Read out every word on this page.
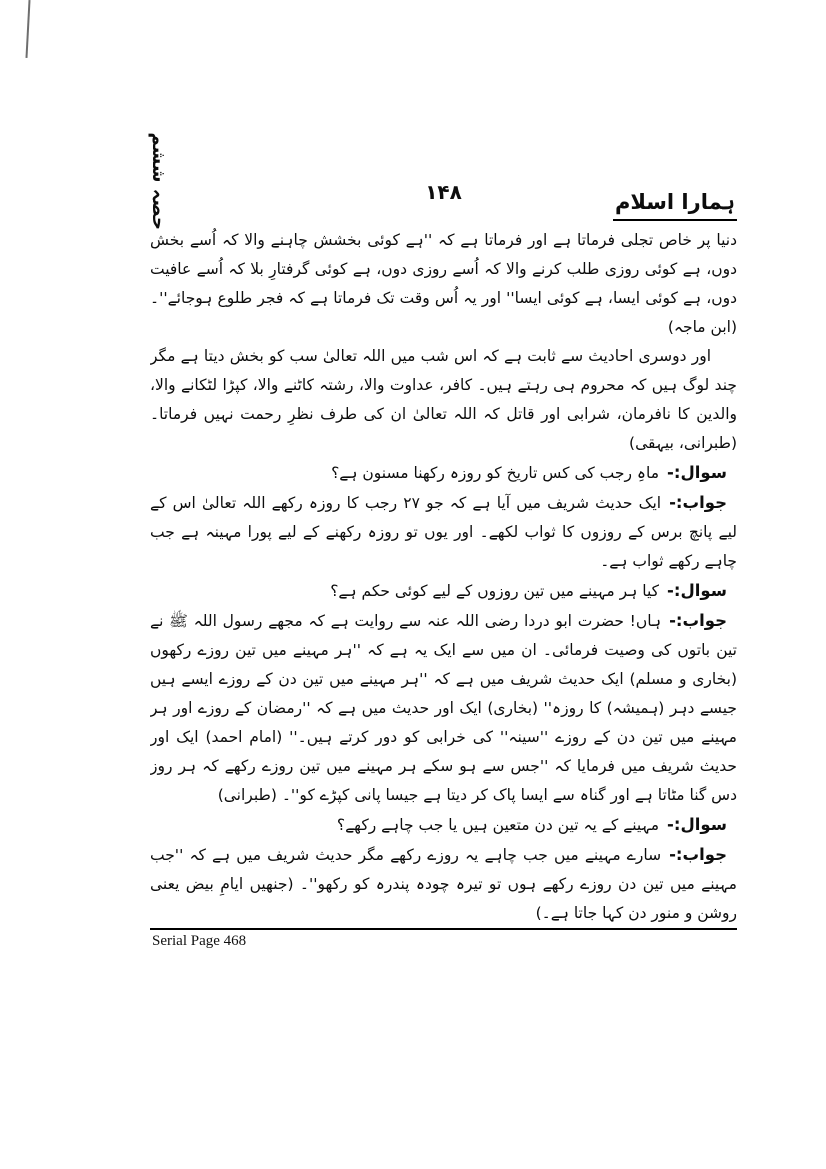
ہمارا اسلام
۱۴۸
حصہ ششم

دنیا پر خاص تجلی فرماتا ہے اور فرماتا ہے کہ ''ہے کوئی بخشش چاہنے والا کہ اُسے بخش دوں، ہے کوئی روزی طلب کرنے والا کہ اُسے روزی دوں، ہے کوئی گرفتارِ بلا کہ اُسے عافیت دوں، ہے کوئی ایسا، ہے کوئی ایسا'' اور یہ اُس وقت تک فرماتا ہے کہ فجر طلوع ہوجائے''۔ (ابن ماجہ)

اور دوسری احادیث سے ثابت ہے کہ اس شب میں اللہ تعالیٰ سب کو بخش دیتا ہے مگر چند لوگ ہیں کہ محروم ہی رہتے ہیں۔ کافر، عداوت والا، رشتہ کاٹنے والا، کپڑا لٹکانے والا، والدین کا نافرمان، شرابی اور قاتل کہ اللہ تعالیٰ ان کی طرف نظرِ رحمت نہیں فرماتا۔ (طبرانی، بیہقی)

سوال:-ماہِ رجب کی کس تاریخ کو روزہ رکھنا مسنون ہے؟

جواب:-ایک حدیث شریف میں آیا ہے کہ جو ۲۷ رجب کا روزہ رکھے اللہ تعالیٰ اس کے لیے پانچ برس کے روزوں کا ثواب لکھے۔ اور یوں تو روزہ رکھنے کے لیے پورا مہینہ ہے جب چاہے رکھے ثواب ہے۔

سوال:-کیا ہر مہینے میں تین روزوں کے لیے کوئی حکم ہے؟

جواب:-ہاں! حضرت ابو دردا رضی اللہ عنہ سے روایت ہے کہ مجھے رسول اللہ ﷺ نے تین باتوں کی وصیت فرمائی۔ ان میں سے ایک یہ ہے کہ ''ہر مہینے میں تین روزے رکھوں (بخاری و مسلم) ایک حدیث شریف میں ہے کہ ''ہر مہینے میں تین دن کے روزے ایسے ہیں جیسے دہر (ہمیشہ) کا روزہ'' (بخاری) ایک اور حدیث میں ہے کہ ''رمضان کے روزے اور ہر مہینے میں تین دن کے روزے ''سینہ'' کی خرابی کو دور کرتے ہیں۔'' (امام احمد) ایک اور حدیث شریف میں فرمایا کہ ''جس سے ہو سکے ہر مہینے میں تین روزے رکھے کہ ہر روز دس گنا مٹاتا ہے اور گناہ سے ایسا پاک کر دیتا ہے جیسا پانی کپڑے کو''۔ (طبرانی)

سوال:-مہینے کے یہ تین دن متعین ہیں یا جب چاہے رکھے؟

جواب:-سارے مہینے میں جب چاہے یہ روزے رکھے مگر حدیث شریف میں ہے کہ ''جب مہینے میں تین دن روزے رکھے ہوں تو تیرہ چودہ پندرہ کو رکھو''۔ (جنھیں ایامِ بیض یعنی روشن و منور دن کہا جاتا ہے۔)

Serial Page 468
